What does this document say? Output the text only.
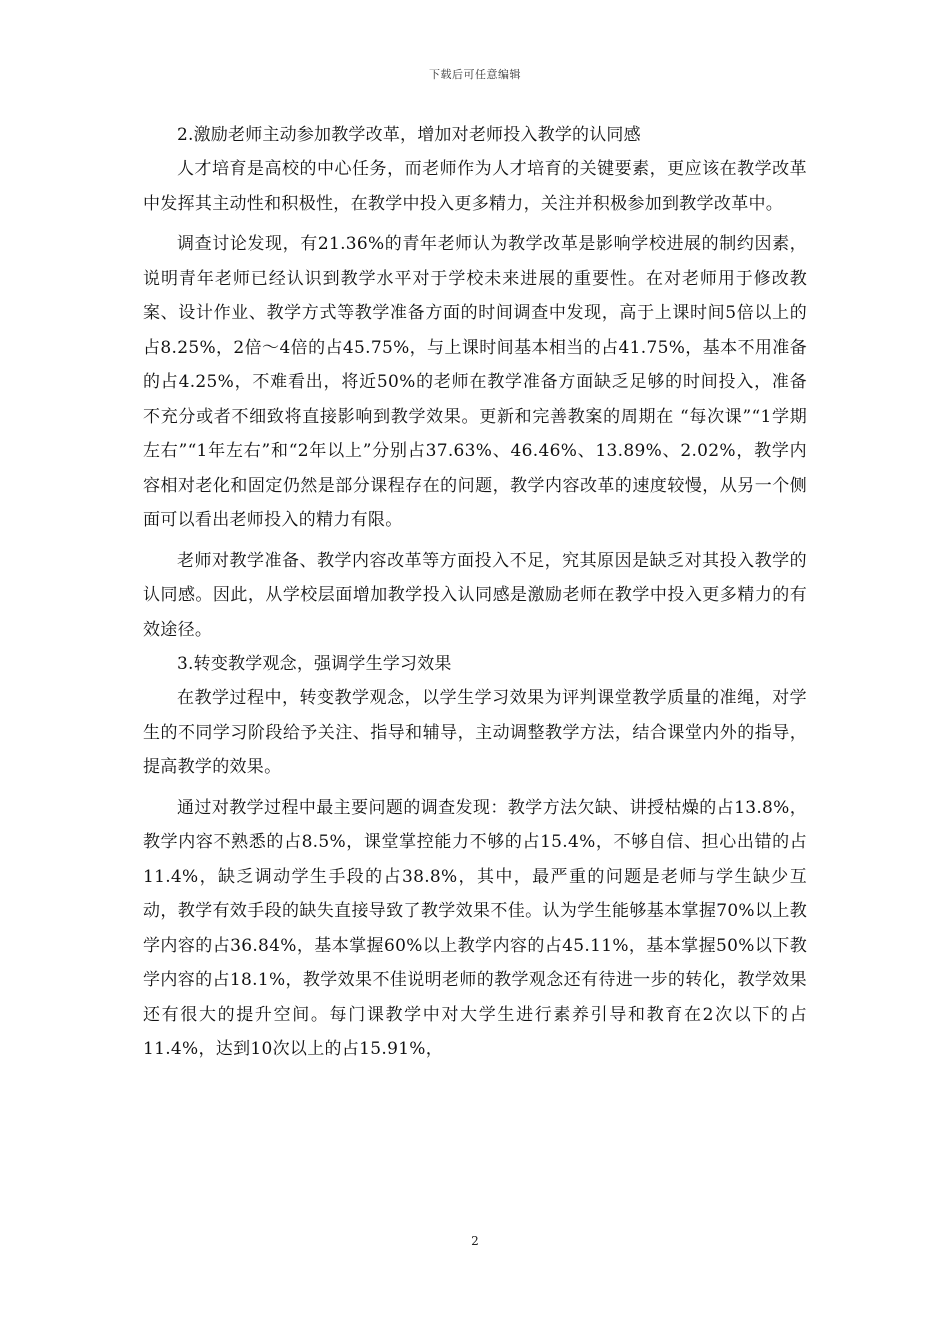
下载后可任意编辑

2.激励老师主动参加教学改革，增加对老师投入教学的认同感

人才培育是高校的中心任务，而老师作为人才培育的关键要素，更应该在教学改革中发挥其主动性和积极性，在教学中投入更多精力，关注并积极参加到教学改革中。

调查讨论发现，有21.36%的青年老师认为教学改革是影响学校进展的制约因素，说明青年老师已经认识到教学水平对于学校未来进展的重要性。在对老师用于修改教案、设计作业、教学方式等教学准备方面的时间调查中发现，高于上课时间5倍以上的占8.25%，2倍～4倍的占45.75%，与上课时间基本相当的占41.75%，基本不用准备的占4.25%，不难看出，将近50%的老师在教学准备方面缺乏足够的时间投入，准备不充分或者不细致将直接影响到教学效果。更新和完善教案的周期在 “每次课”“1学期左右”“1年左右”和“2年以上”分别占37.63%、46.46%、13.89%、2.02%，教学内容相对老化和固定仍然是部分课程存在的问题，教学内容改革的速度较慢，从另一个侧面可以看出老师投入的精力有限。

老师对教学准备、教学内容改革等方面投入不足，究其原因是缺乏对其投入教学的认同感。因此，从学校层面增加教学投入认同感是激励老师在教学中投入更多精力的有效途径。

3.转变教学观念，强调学生学习效果

在教学过程中，转变教学观念，以学生学习效果为评判课堂教学质量的准绳，对学生的不同学习阶段给予关注、指导和辅导，主动调整教学方法，结合课堂内外的指导，提高教学的效果。

通过对教学过程中最主要问题的调查发现：教学方法欠缺、讲授枯燥的占13.8%，教学内容不熟悉的占8.5%，课堂掌控能力不够的占15.4%，不够自信、担心出错的占11.4%，缺乏调动学生手段的占38.8%，其中，最严重的问题是老师与学生缺少互动，教学有效手段的缺失直接导致了教学效果不佳。认为学生能够基本掌握70%以上教学内容的占36.84%，基本掌握60%以上教学内容的占45.11%，基本掌握50%以下教学内容的占18.1%，教学效果不佳说明老师的教学观念还有待进一步的转化，教学效果还有很大的提升空间。每门课教学中对大学生进行素养引导和教育在2次以下的占11.4%，达到10次以上的占15.91%，

2
